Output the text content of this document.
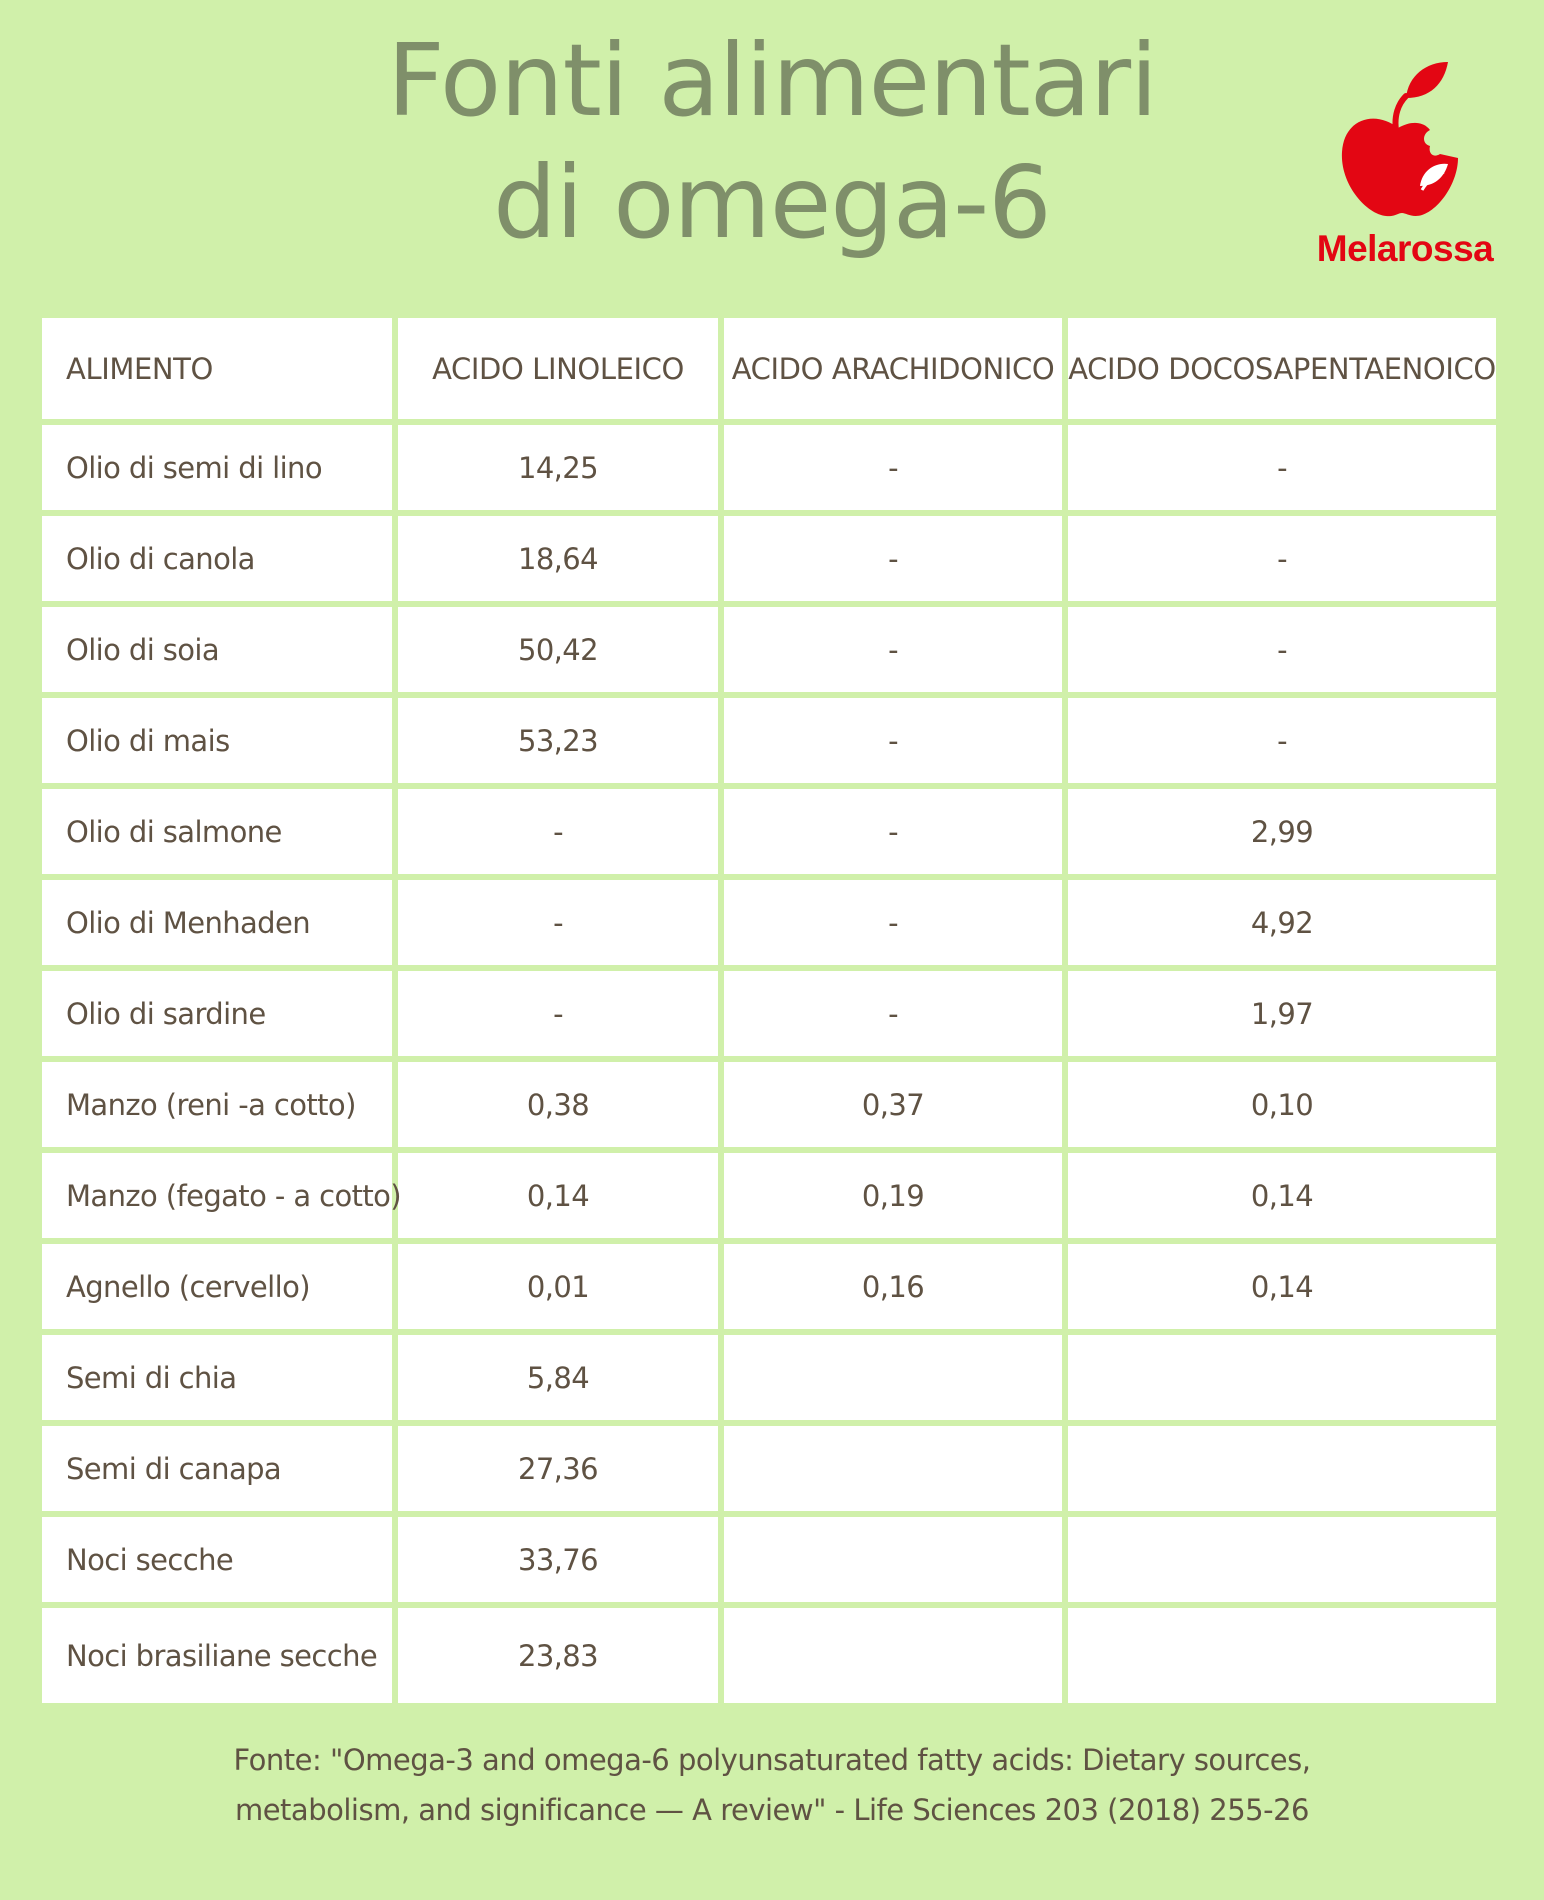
Fonti alimentari
di omega-6	Melarossa
ALIMENTO	ACIDO LINOLEICO	ACIDO ARACHIDONICO	ACIDO DOCOSAPENTAENOICO
Olio di semi di lino	14,25	-	-
Olio di canola	18,64	-	-
Olio di soia	50,42	-	-
Olio di mais	53,23	-	-
Olio di salmone	-	-	2,99
Olio di Menhaden	-	-	4,92
Olio di sardine	-	-	1,97
Manzo (reni -a cotto)	0,38	0,37	0,10
Manzo (fegato - a cotto)	0,14	0,19	0,14
Agnello (cervello)	0,01	0,16	0,14
Semi di chia	5,84		
Semi di canapa	27,36		
Noci secche	33,76		
Noci brasiliane secche	23,83		
Fonte: "Omega-3 and omega-6 polyunsaturated fatty acids: Dietary sources,
metabolism, and significance — A review" - Life Sciences 203 (2018) 255-26
